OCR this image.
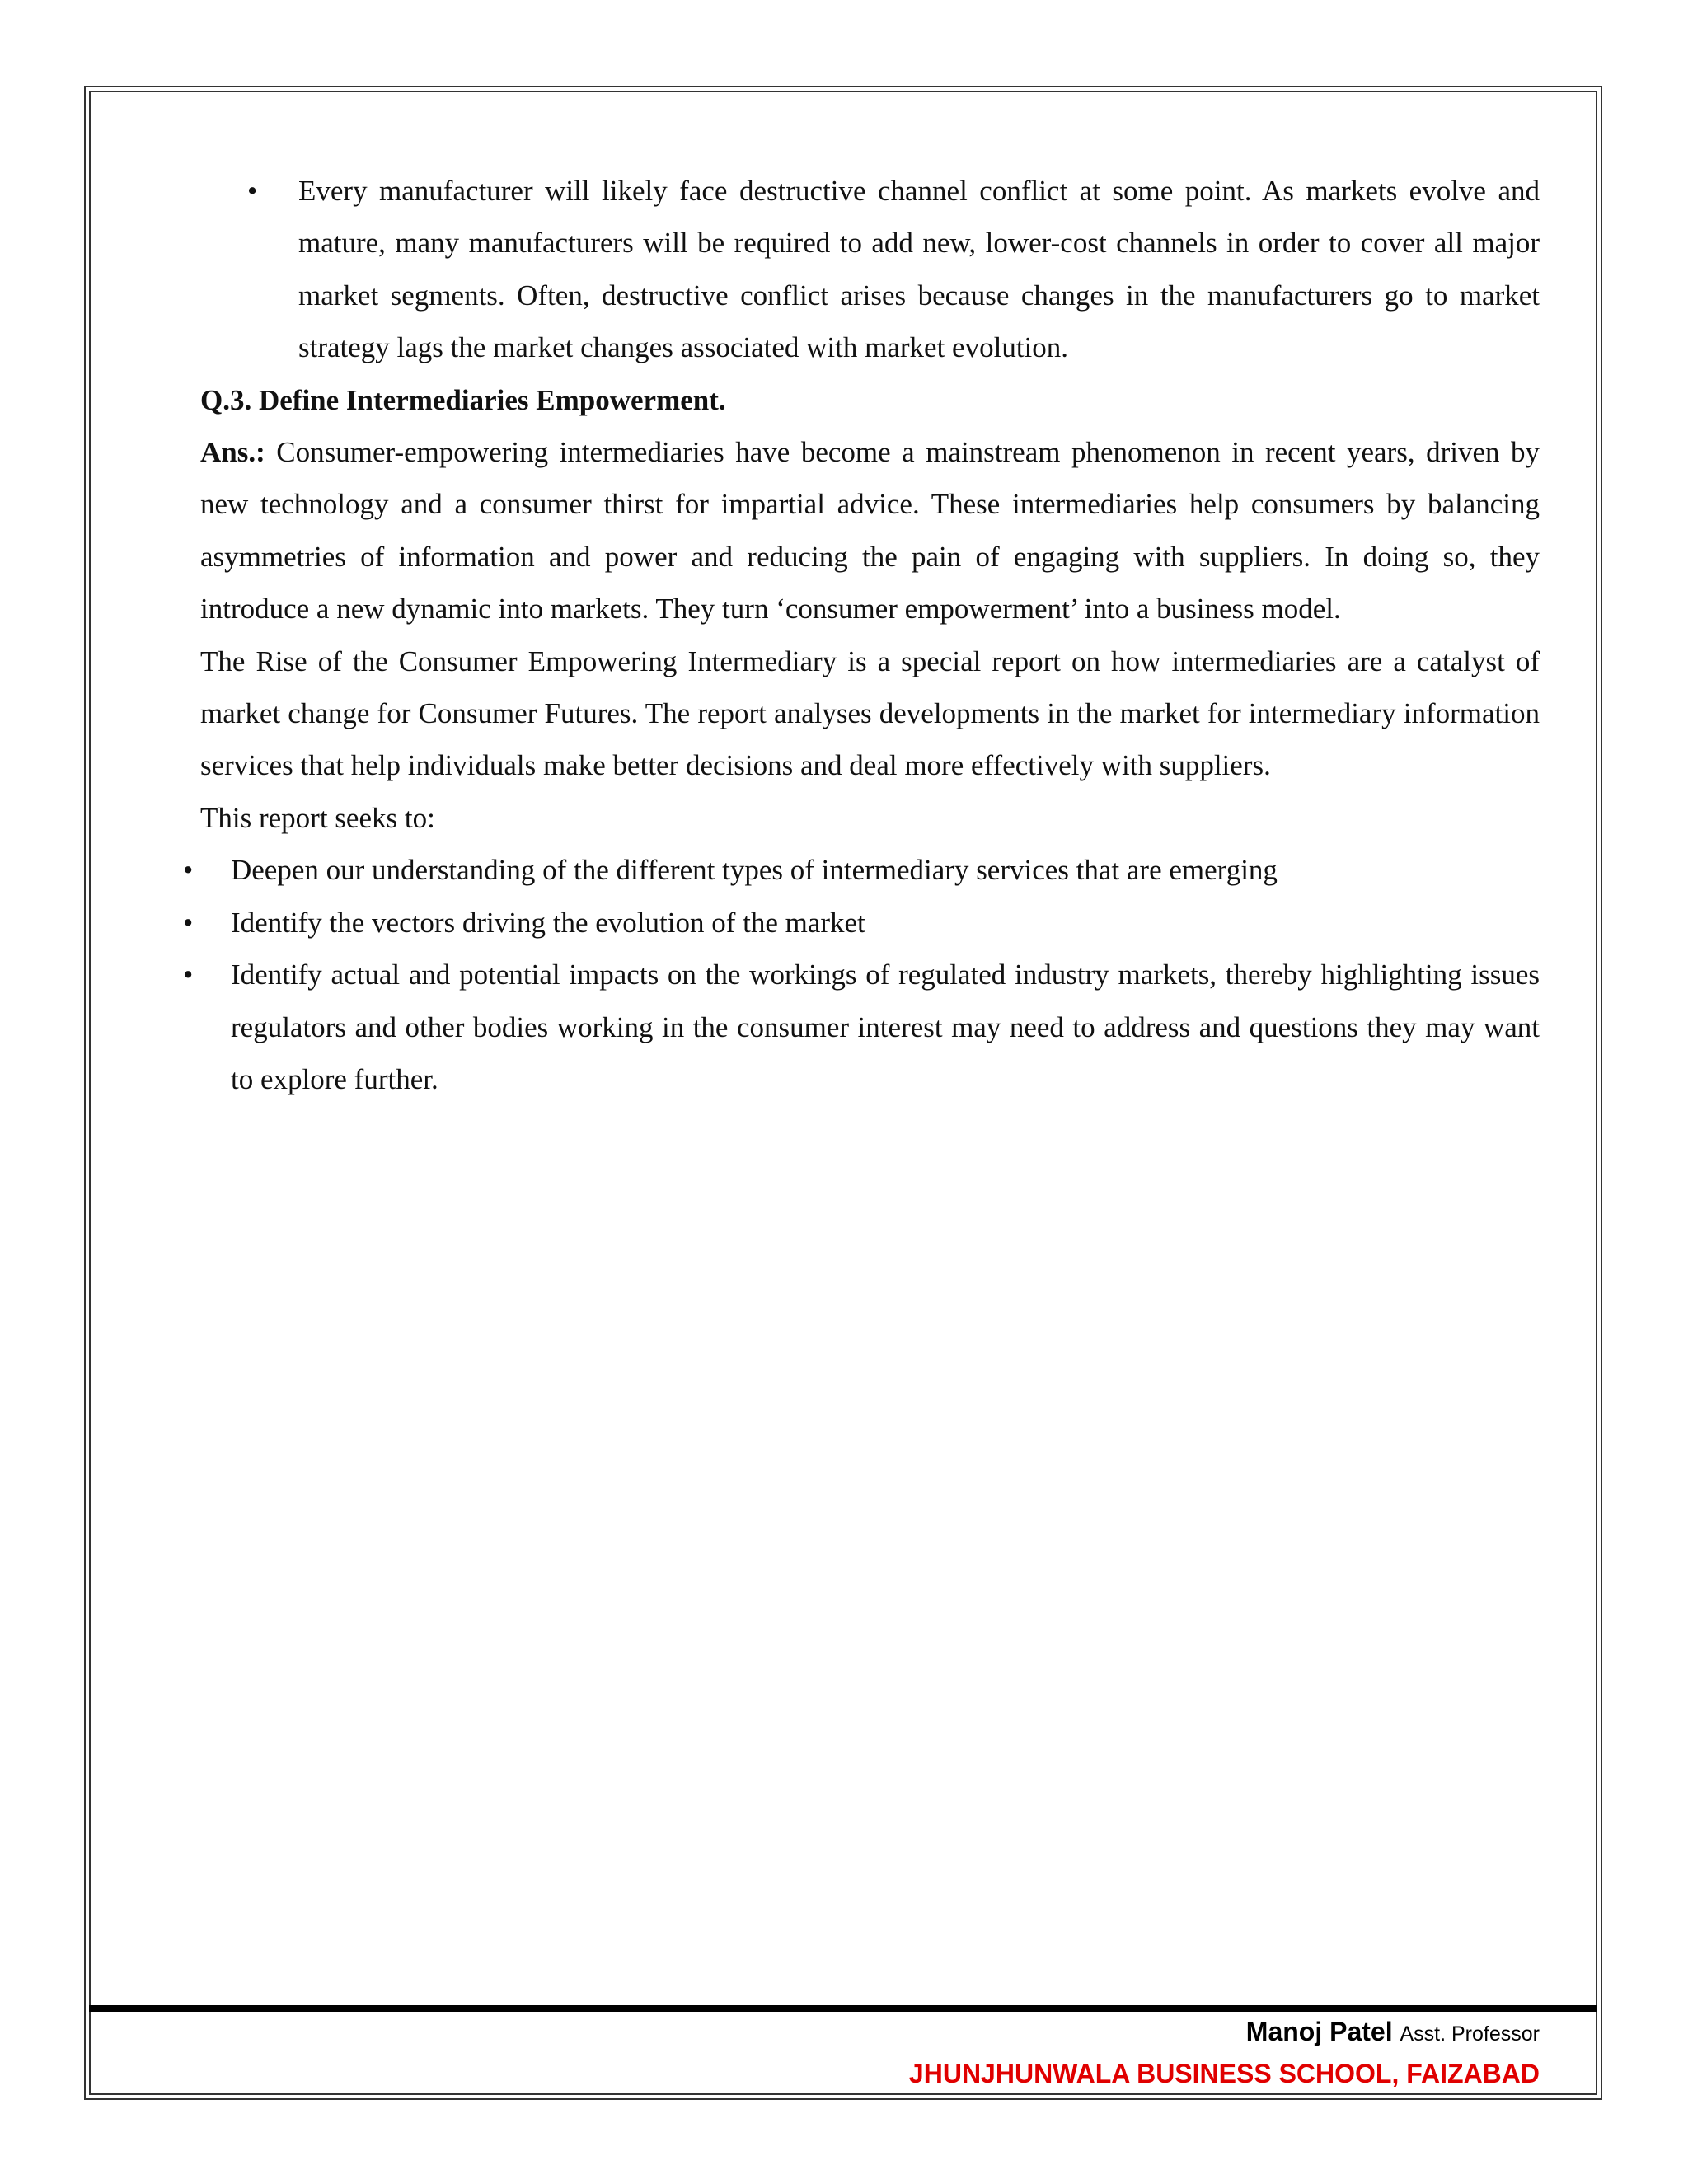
• Every manufacturer will likely face destructive channel conflict at some point. As markets evolve and mature, many manufacturers will be required to add new, lower-cost channels in order to cover all major market segments. Often, destructive conflict arises because changes in the manufacturers go to market strategy lags the market changes associated with market evolution.

Q.3. Define Intermediaries Empowerment.

Ans.: Consumer-empowering intermediaries have become a mainstream phenomenon in recent years, driven by new technology and a consumer thirst for impartial advice. These intermediaries help consumers by balancing asymmetries of information and power and reducing the pain of engaging with suppliers. In doing so, they introduce a new dynamic into markets. They turn ‘consumer empowerment’ into a business model.

The Rise of the Consumer Empowering Intermediary is a special report on how intermediaries are a catalyst of market change for Consumer Futures. The report analyses developments in the market for intermediary information services that help individuals make better decisions and deal more effectively with suppliers.

This report seeks to:

• Deepen our understanding of the different types of intermediary services that are emerging
• Identify the vectors driving the evolution of the market
• Identify actual and potential impacts on the workings of regulated industry markets, thereby highlighting issues regulators and other bodies working in the consumer interest may need to address and questions they may want to explore further.
Manoj Patel Asst. Professor
JHUNJHUNWALA BUSINESS SCHOOL, FAIZABAD
